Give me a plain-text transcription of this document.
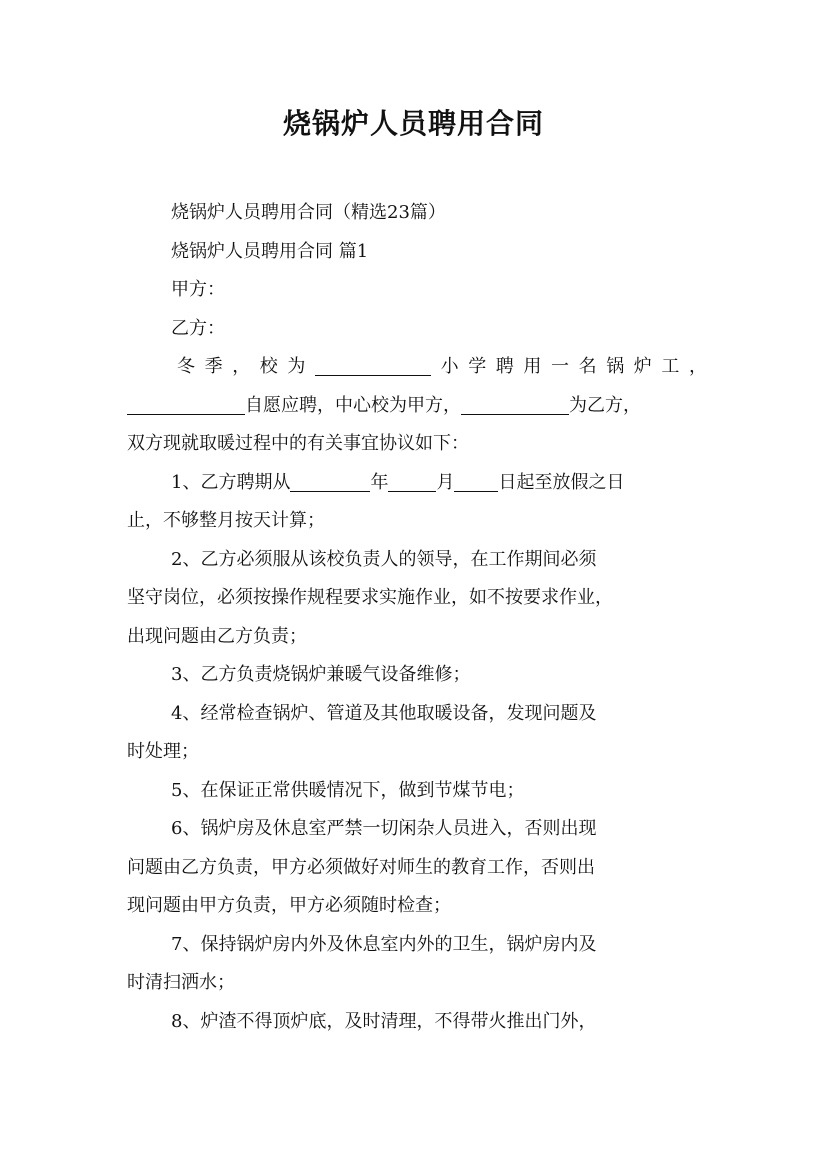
烧锅炉人员聘用合同
烧锅炉人员聘用合同（精选23篇）
烧锅炉人员聘用合同 篇1
甲方：
乙方：
冬季，校为	小学聘用一名锅炉工，
自愿应聘，中心校为甲方，	为乙方，
双方现就取暖过程中的有关事宜协议如下：
1、乙方聘期从	年	月 日起至放假之日
止，不够整月按天计算；
2、乙方必须服从该校负责人的领导，在工作期间必须
坚守岗位，必须按操作规程要求实施作业，如不按要求作业，
出现问题由乙方负责；
3、乙方负责烧锅炉兼暖气设备维修；
4、经常检查锅炉、管道及其他取暖设备，发现问题及
时处理；
5、在保证正常供暖情况下，做到节煤节电；
6、锅炉房及休息室严禁一切闲杂人员进入，否则出现
问题由乙方负责，甲方必须做好对师生的教育工作，否则出
现问题由甲方负责，甲方必须随时检查；
7、保持锅炉房内外及休息室内外的卫生，锅炉房内及
时清扫洒水；
8、炉渣不得顶炉底，及时清理，不得带火推出门外，
